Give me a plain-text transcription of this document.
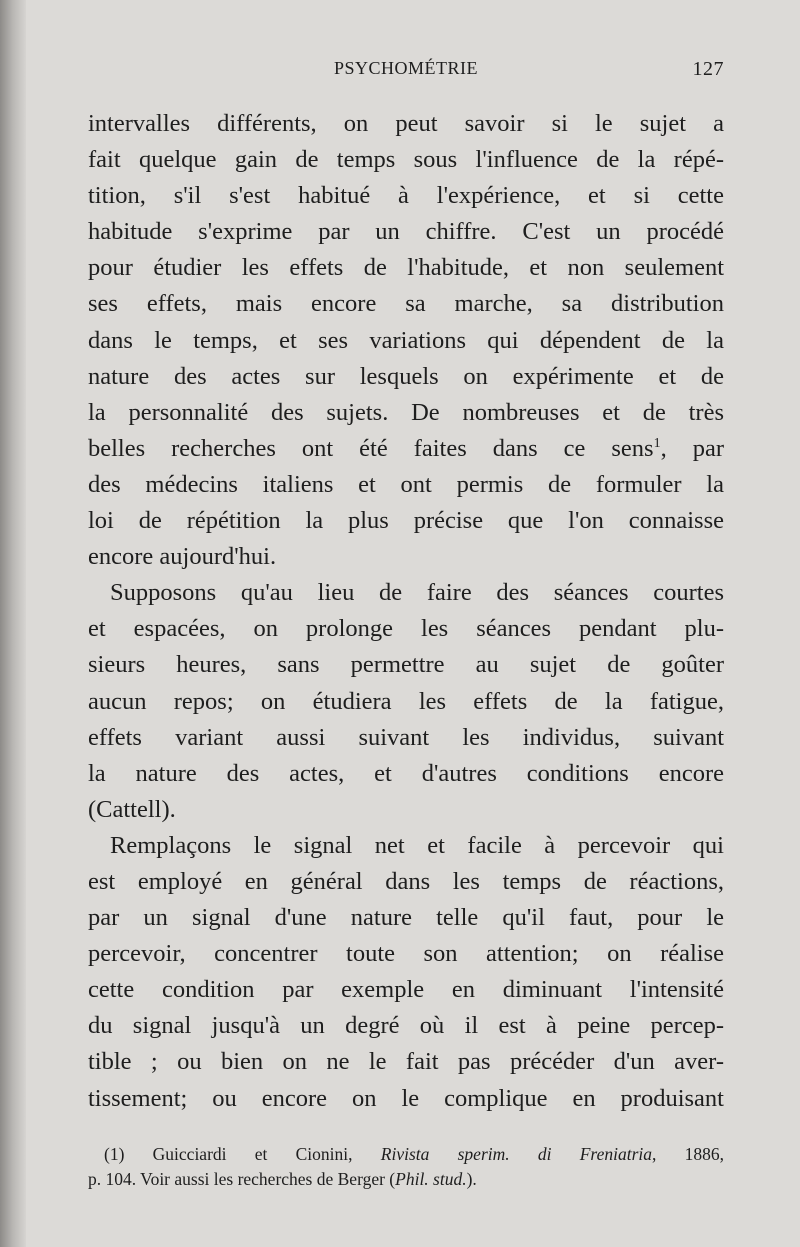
PSYCHOMÉTRIE	127
intervalles différents, on peut savoir si le sujet a
fait quelque gain de temps sous l'influence de la répé-
tition, s'il s'est habitué à l'expérience, et si cette
habitude s'exprime par un chiffre. C'est un procédé
pour étudier les effets de l'habitude, et non seulement
ses effets, mais encore sa marche, sa distribution
dans le temps, et ses variations qui dépendent de la
nature des actes sur lesquels on expérimente et de
la personnalité des sujets. De nombreuses et de très
belles recherches ont été faites dans ce sens$^1$, par
des médecins italiens et ont permis de formuler la
loi de répétition la plus précise que l'on connaisse
encore aujourd'hui.
Supposons qu'au lieu de faire des séances courtes
et espacées, on prolonge les séances pendant plu-
sieurs heures, sans permettre au sujet de goûter
aucun repos; on étudiera les effets de la fatigue,
effets variant aussi suivant les individus, suivant
la nature des actes, et d'autres conditions encore
(Cattell).
Remplaçons le signal net et facile à percevoir qui
est employé en général dans les temps de réactions,
par un signal d'une nature telle qu'il faut, pour le
percevoir, concentrer toute son attention; on réalise
cette condition par exemple en diminuant l'intensité
du signal jusqu'à un degré où il est à peine percep-
tible ; ou bien on ne le fait pas précéder d'un aver-
tissement; ou encore on le complique en produisant
(1) Guicciardi et Cionini, Rivista sperim. di Freniatria, 1886,
p. 104. Voir aussi les recherches de Berger (Phil. stud.).
